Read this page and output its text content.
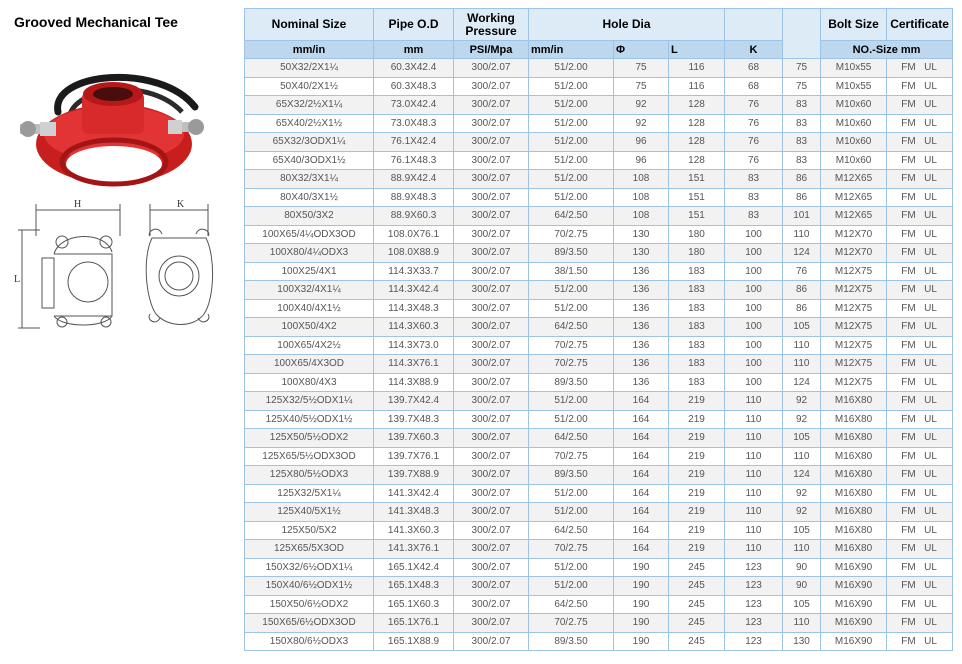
Grooved Mechanical Tee
H	K
L
Nominal Size	Pipe O.D	Working
Pressure	Hole Dia					Bolt Size	Certificate
mm/in	mm	PSI/Mpa	mm/in	Φ	L	K		NO.-Size mm	
50X32/2X1¼	60.3X42.4	300/2.07	51/2.00	75	116	68	75	M10x55	FM UL
50X40/2X1½	60.3X48.3	300/2.07	51/2.00	75	116	68	75	M10x55	FM UL
65X32/2½X1¼	73.0X42.4	300/2.07	51/2.00	92	128	76	83	M10x60	FM UL
65X40/2½X1½	73.0X48.3	300/2.07	51/2.00	92	128	76	83	M10x60	FM UL
65X32/3ODX1¼	76.1X42.4	300/2.07	51/2.00	96	128	76	83	M10x60	FM UL
65X40/3ODX1½	76.1X48.3	300/2.07	51/2.00	96	128	76	83	M10x60	FM UL
80X32/3X1¼	88.9X42.4	300/2.07	51/2.00	108	151	83	86	M12X65	FM UL
80X40/3X1½	88.9X48.3	300/2.07	51/2.00	108	151	83	86	M12X65	FM UL
80X50/3X2	88.9X60.3	300/2.07	64/2.50	108	151	83	101	M12X65	FM UL
100X65/4¼ODX3OD	108.0X76.1	300/2.07	70/2.75	130	180	100	110	M12X70	FM UL
100X80/4¼ODX3	108.0X88.9	300/2.07	89/3.50	130	180	100	124	M12X70	FM UL
100X25/4X1	114.3X33.7	300/2.07	38/1.50	136	183	100	76	M12X75	FM UL
100X32/4X1¼	114.3X42.4	300/2.07	51/2.00	136	183	100	86	M12X75	FM UL
100X40/4X1½	114.3X48.3	300/2.07	51/2.00	136	183	100	86	M12X75	FM UL
100X50/4X2	114.3X60.3	300/2.07	64/2.50	136	183	100	105	M12X75	FM UL
100X65/4X2½	114.3X73.0	300/2.07	70/2.75	136	183	100	110	M12X75	FM UL
100X65/4X3OD	114.3X76.1	300/2.07	70/2.75	136	183	100	110	M12X75	FM UL
100X80/4X3	114.3X88.9	300/2.07	89/3.50	136	183	100	124	M12X75	FM UL
125X32/5½ODX1¼	139.7X42.4	300/2.07	51/2.00	164	219	110	92	M16X80	FM UL
125X40/5½ODX1½	139.7X48.3	300/2.07	51/2.00	164	219	110	92	M16X80	FM UL
125X50/5½ODX2	139.7X60.3	300/2.07	64/2.50	164	219	110	105	M16X80	FM UL
125X65/5½ODX3OD	139.7X76.1	300/2.07	70/2.75	164	219	110	110	M16X80	FM UL
125X80/5½ODX3	139.7X88.9	300/2.07	89/3.50	164	219	110	124	M16X80	FM UL
125X32/5X1¼	141.3X42.4	300/2.07	51/2.00	164	219	110	92	M16X80	FM UL
125X40/5X1½	141.3X48.3	300/2.07	51/2.00	164	219	110	92	M16X80	FM UL
125X50/5X2	141.3X60.3	300/2.07	64/2.50	164	219	110	105	M16X80	FM UL
125X65/5X3OD	141.3X76.1	300/2.07	70/2.75	164	219	110	110	M16X80	FM UL
150X32/6½ODX1¼	165.1X42.4	300/2.07	51/2.00	190	245	123	90	M16X90	FM UL
150X40/6½ODX1½	165.1X48.3	300/2.07	51/2.00	190	245	123	90	M16X90	FM UL
150X50/6½ODX2	165.1X60.3	300/2.07	64/2.50	190	245	123	105	M16X90	FM UL
150X65/6½ODX3OD	165.1X76.1	300/2.07	70/2.75	190	245	123	110	M16X90	FM UL
150X80/6½ODX3	165.1X88.9	300/2.07	89/3.50	190	245	123	130	M16X90	FM UL
